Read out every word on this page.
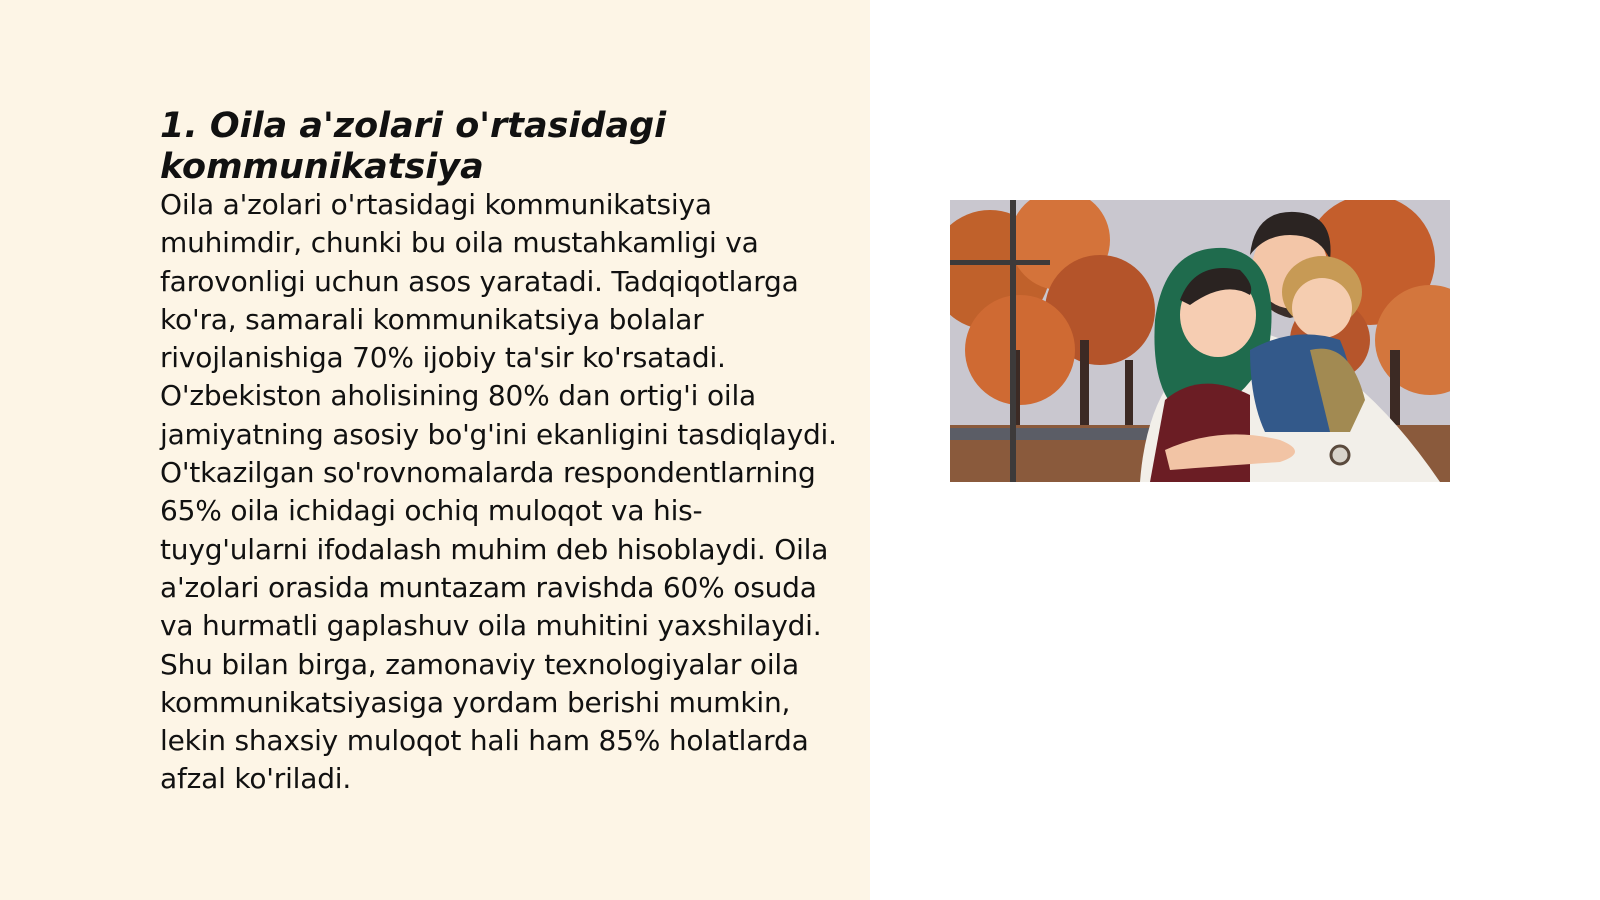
1. Oila a'zolari o'rtasidagi kommunikatsiya

Oila a'zolari o'rtasidagi kommunikatsiya muhimdir, chunki bu oila mustahkamligi va farovonligi uchun asos yaratadi. Tadqiqotlarga ko'ra, samarali kommunikatsiya bolalar rivojlanishiga 70% ijobiy ta'sir ko'rsatadi. O'zbekiston aholisining 80% dan ortig'i oila jamiyatning asosiy bo'g'ini ekanligini tasdiqlaydi. O'tkazilgan so'rovnomalarda respondentlarning 65% oila ichidagi ochiq muloqot va his-tuyg'ularni ifodalash muhim deb hisoblaydi. Oila a'zolari orasida muntazam ravishda 60% osuda va hurmatli gaplashuv oila muhitini yaxshilaydi. Shu bilan birga, zamonaviy texnologiyalar oila kommunikatsiyasiga yordam berishi mumkin, lekin shaxsiy muloqot hali ham 85% holatlarda afzal ko'riladi.
